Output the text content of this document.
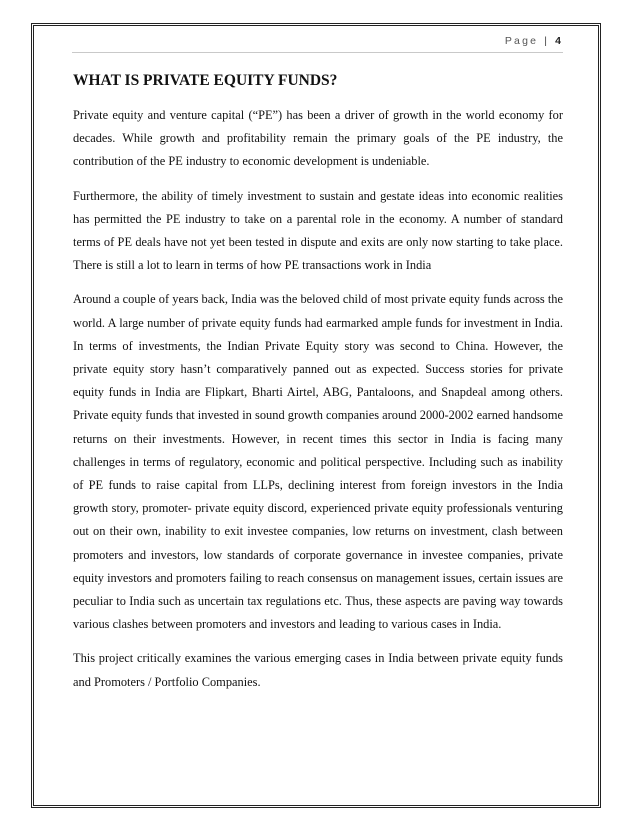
Page | 4
WHAT IS PRIVATE EQUITY FUNDS?

Private equity and venture capital (“PE”) has been a driver of growth in the world economy for decades. While growth and profitability remain the primary goals of the PE industry, the contribution of the PE industry to economic development is undeniable.

Furthermore, the ability of timely investment to sustain and gestate ideas into economic realities has permitted the PE industry to take on a parental role in the economy. A number of standard terms of PE deals have not yet been tested in dispute and exits are only now starting to take place. There is still a lot to learn in terms of how PE transactions work in India

Around a couple of years back, India was the beloved child of most private equity funds across the world. A large number of private equity funds had earmarked ample funds for investment in India. In terms of investments, the Indian Private Equity story was second to China. However, the private equity story hasn’t comparatively panned out as expected. Success stories for private equity funds in India are Flipkart, Bharti Airtel, ABG, Pantaloons, and Snapdeal among others. Private equity funds that invested in sound growth companies around 2000-2002 earned handsome returns on their investments. However, in recent times this sector in India is facing many challenges in terms of regulatory, economic and political perspective. Including such as inability of PE funds to raise capital from LLPs, declining interest from foreign investors in the India growth story, promoter- private equity discord, experienced private equity professionals venturing out on their own, inability to exit investee companies, low returns on investment, clash between promoters and investors, low standards of corporate governance in investee companies, private equity investors and promoters failing to reach consensus on management issues, certain issues are peculiar to India such as uncertain tax regulations etc. Thus, these aspects are paving way towards various clashes between promoters and investors and leading to various cases in India.

This project critically examines the various emerging cases in India between private equity funds and Promoters / Portfolio Companies.
